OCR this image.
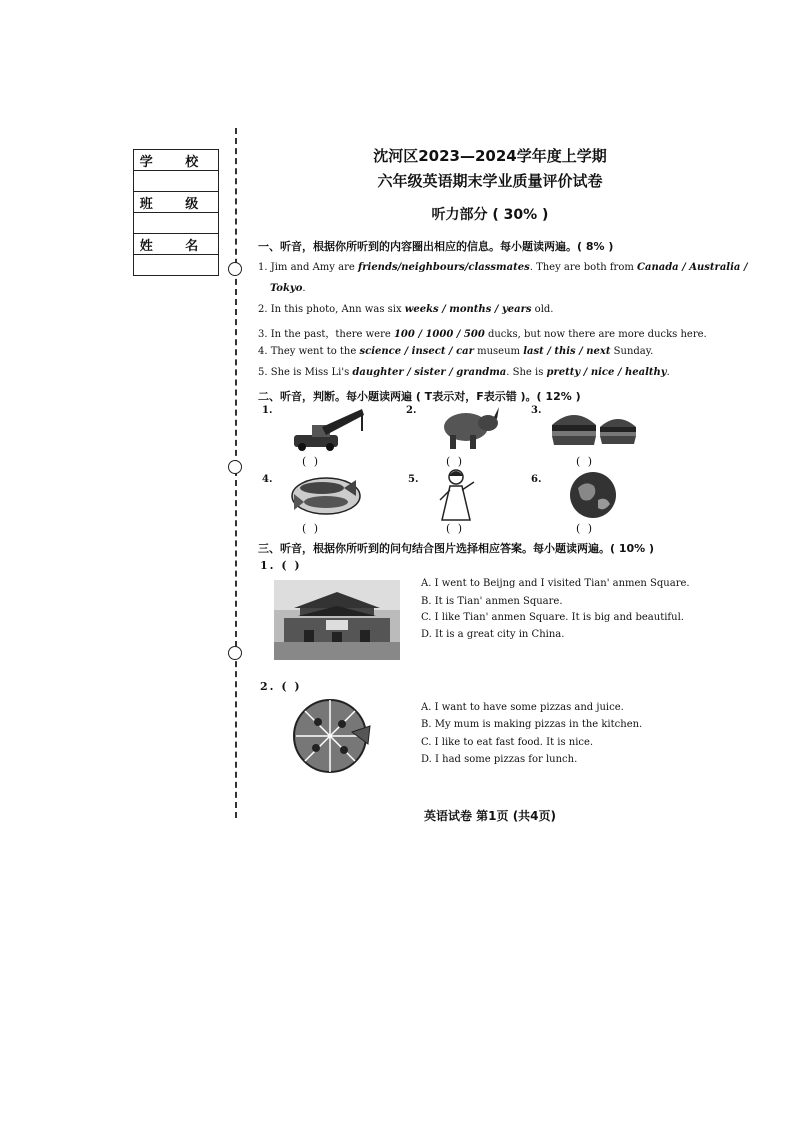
学 校

班 级

姓 名

沈河区2023—2024学年度上学期
六年级英语期末学业质量评价试卷
听力部分 ( 30% )
一、听音，根据你所听到的内容圈出相应的信息。每小题读两遍。( 8% )
1. Jim and Amy are friends/neighbours/classmates. They are both from Canada / Australia /
Tokyo.
2. In this photo, Ann was six weeks / months / years old.
3. In the past，there were 100 / 1000 / 500 ducks, but now there are more ducks here.
4. They went to the science / insect / car museum last / this / next Sunday.
5. She is Miss Li's daughter / sister / grandma. She is pretty / nice / healthy.
二、听音，判断。每小题读两遍 ( T表示对，F表示错 )。( 12% )
1.
( )
2.
( )
3.
( )
4.
( )
5.
( )
6.
( )
三、听音，根据你所听到的问句结合图片选择相应答案。每小题读两遍。( 10% )
1. ( )
A. I went to Beijng and I visited Tian' anmen Square.
B. It is Tian' anmen Square.
C. I like Tian' anmen Square. It is big and beautiful.
D. It is a great city in China.
2. ( )
A. I want to have some pizzas and juice.
B. My mum is making pizzas in the kitchen.
C. I like to eat fast food. It is nice.
D. I had some pizzas for lunch.
英语试卷 第1页 (共4页)
